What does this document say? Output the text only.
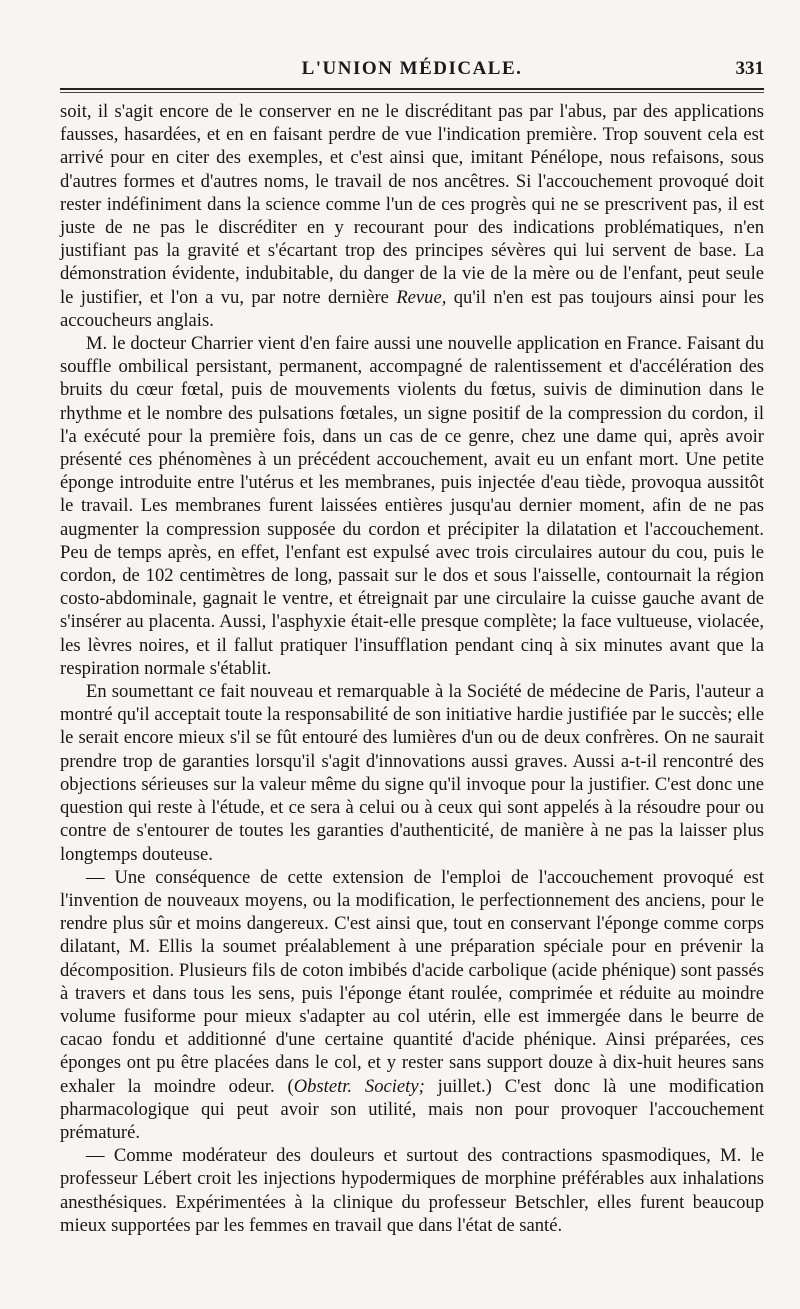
L'UNION MÉDICALE.	331

soit, il s'agit encore de le conserver en ne le discréditant pas par l'abus, par des applications fausses, hasardées, et en en faisant perdre de vue l'indication première. Trop souvent cela est arrivé pour en citer des exemples, et c'est ainsi que, imitant Pénélope, nous refaisons, sous d'autres formes et d'autres noms, le travail de nos ancêtres. Si l'accouchement provoqué doit rester indéfiniment dans la science comme l'un de ces progrès qui ne se prescrivent pas, il est juste de ne pas le discréditer en y recourant pour des indications problématiques, n'en justifiant pas la gravité et s'écartant trop des principes sévères qui lui servent de base. La démonstration évidente, indubitable, du danger de la vie de la mère ou de l'enfant, peut seule le justifier, et l'on a vu, par notre dernière Revue, qu'il n'en est pas toujours ainsi pour les accoucheurs anglais.

M. le docteur Charrier vient d'en faire aussi une nouvelle application en France. Faisant du souffle ombilical persistant, permanent, accompagné de ralentissement et d'accélération des bruits du cœur fœtal, puis de mouvements violents du fœtus, suivis de diminution dans le rhythme et le nombre des pulsations fœtales, un signe positif de la compression du cordon, il l'a exécuté pour la première fois, dans un cas de ce genre, chez une dame qui, après avoir présenté ces phénomènes à un précédent accouchement, avait eu un enfant mort. Une petite éponge introduite entre l'utérus et les membranes, puis injectée d'eau tiède, provoqua aussitôt le travail. Les membranes furent laissées entières jusqu'au dernier moment, afin de ne pas augmenter la compression supposée du cordon et précipiter la dilatation et l'accouchement. Peu de temps après, en effet, l'enfant est expulsé avec trois circulaires autour du cou, puis le cordon, de 102 centimètres de long, passait sur le dos et sous l'aisselle, contournait la région costo-abdominale, gagnait le ventre, et étreignait par une circulaire la cuisse gauche avant de s'insérer au placenta. Aussi, l'asphyxie était-elle presque complète; la face vultueuse, violacée, les lèvres noires, et il fallut pratiquer l'insufflation pendant cinq à six minutes avant que la respiration normale s'établit.

En soumettant ce fait nouveau et remarquable à la Société de médecine de Paris, l'auteur a montré qu'il acceptait toute la responsabilité de son initiative hardie justifiée par le succès; elle le serait encore mieux s'il se fût entouré des lumières d'un ou de deux confrères. On ne saurait prendre trop de garanties lorsqu'il s'agit d'innovations aussi graves. Aussi a-t-il rencontré des objections sérieuses sur la valeur même du signe qu'il invoque pour la justifier. C'est donc une question qui reste à l'étude, et ce sera à celui ou à ceux qui sont appelés à la résoudre pour ou contre de s'entourer de toutes les garanties d'authenticité, de manière à ne pas la laisser plus longtemps douteuse.

— Une conséquence de cette extension de l'emploi de l'accouchement provoqué est l'invention de nouveaux moyens, ou la modification, le perfectionnement des anciens, pour le rendre plus sûr et moins dangereux. C'est ainsi que, tout en conservant l'éponge comme corps dilatant, M. Ellis la soumet préalablement à une préparation spéciale pour en prévenir la décomposition. Plusieurs fils de coton imbibés d'acide carbolique (acide phénique) sont passés à travers et dans tous les sens, puis l'éponge étant roulée, comprimée et réduite au moindre volume fusiforme pour mieux s'adapter au col utérin, elle est immergée dans le beurre de cacao fondu et additionné d'une certaine quantité d'acide phénique. Ainsi préparées, ces éponges ont pu être placées dans le col, et y rester sans support douze à dix-huit heures sans exhaler la moindre odeur. (Obstetr. Society; juillet.) C'est donc là une modification pharmacologique qui peut avoir son utilité, mais non pour provoquer l'accouchement prématuré.

— Comme modérateur des douleurs et surtout des contractions spasmodiques, M. le professeur Lébert croit les injections hypodermiques de morphine préférables aux inhalations anesthésiques. Expérimentées à la clinique du professeur Betschler, elles furent beaucoup mieux supportées par les femmes en travail que dans l'état de santé.
